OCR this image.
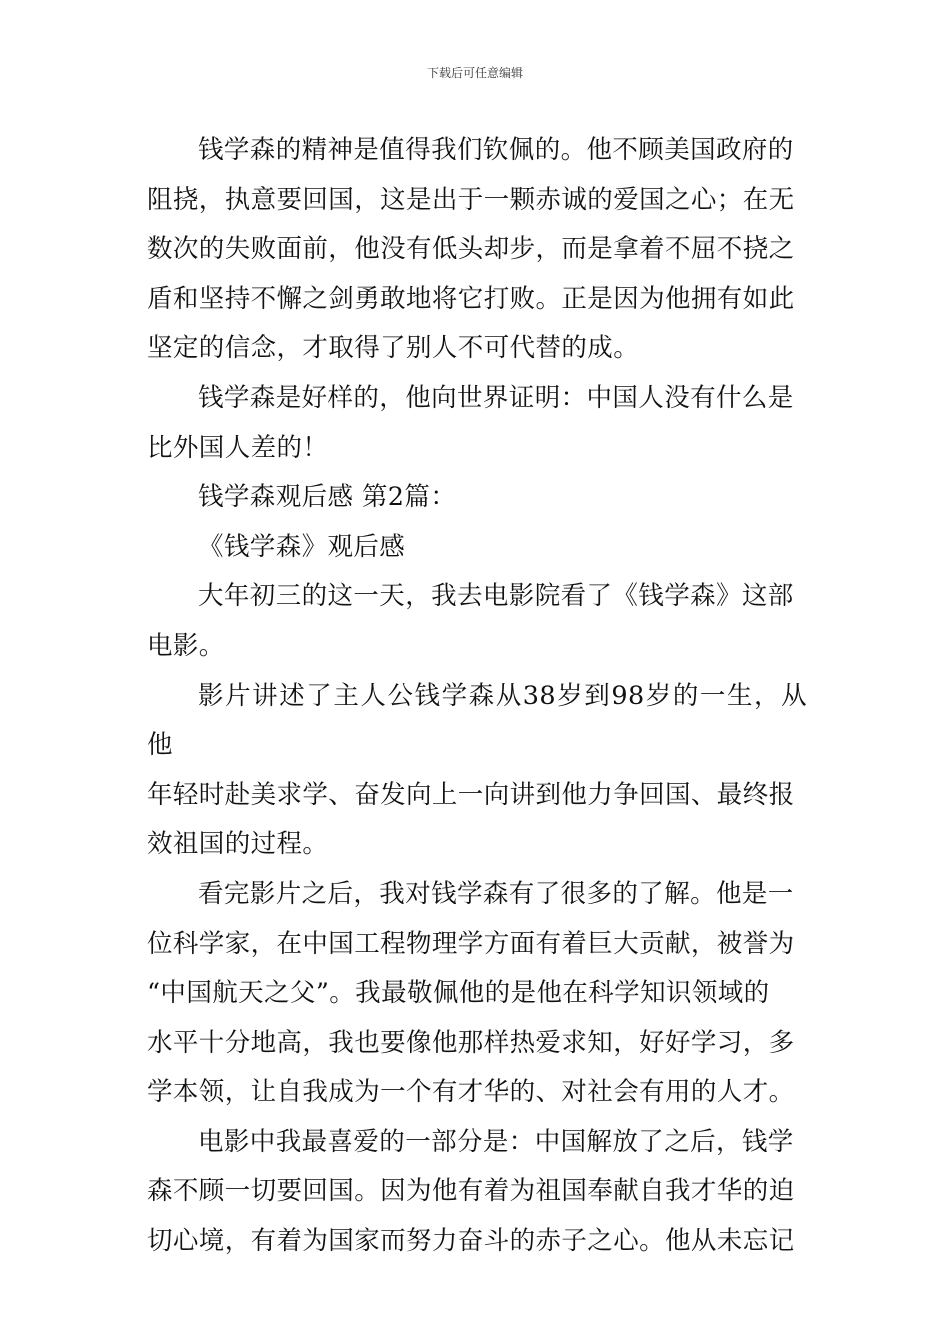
下载后可任意编辑

钱学森的精神是值得我们钦佩的。他不顾美国政府的
阻挠，执意要回国，这是出于一颗赤诚的爱国之心；在无
数次的失败面前，他没有低头却步，而是拿着不屈不挠之
盾和坚持不懈之剑勇敢地将它打败。正是因为他拥有如此
坚定的信念，才取得了别人不可代替的成。

钱学森是好样的，他向世界证明：中国人没有什么是
比外国人差的！

钱学森观后感 第2篇：

《钱学森》观后感

大年初三的这一天，我去电影院看了《钱学森》这部
电影。

影片讲述了主人公钱学森从38岁到98岁的一生，从他
年轻时赴美求学、奋发向上一向讲到他力争回国、最终报
效祖国的过程。

看完影片之后，我对钱学森有了很多的了解。他是一
位科学家，在中国工程物理学方面有着巨大贡献，被誉为
“中国航天之父”。我最敬佩他的是他在科学知识领域的
水平十分地高，我也要像他那样热爱求知，好好学习，多
学本领，让自我成为一个有才华的、对社会有用的人才。

电影中我最喜爱的一部分是：中国解放了之后，钱学
森不顾一切要回国。因为他有着为祖国奉献自我才华的迫
切心境，有着为国家而努力奋斗的赤子之心。他从未忘记
